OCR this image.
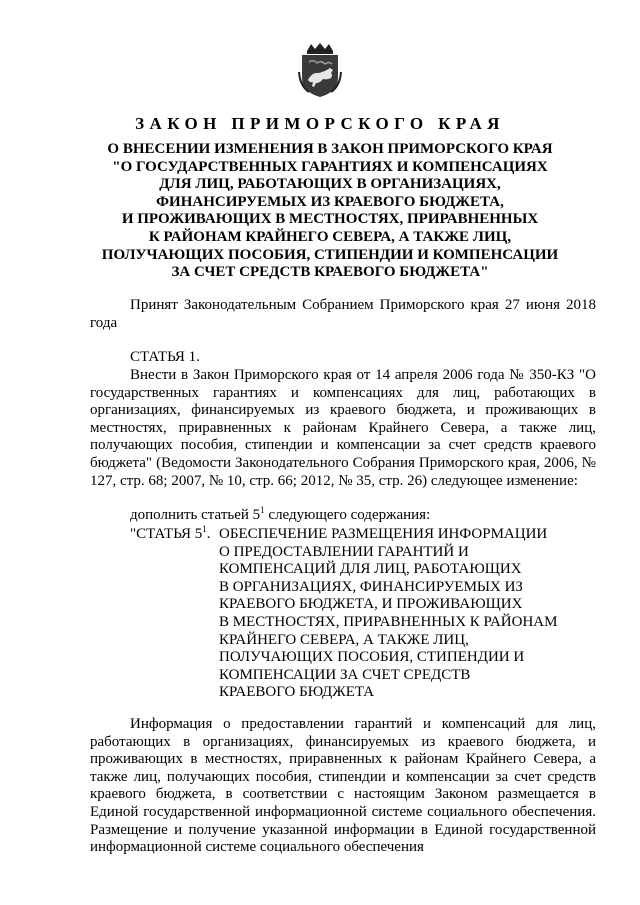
ЗАКОН ПРИМОРСКОГО КРАЯ
О ВНЕСЕНИИ ИЗМЕНЕНИЯ В ЗАКОН ПРИМОРСКОГО КРАЯ
"О ГОСУДАРСТВЕННЫХ ГАРАНТИЯХ И КОМПЕНСАЦИЯХ
ДЛЯ ЛИЦ, РАБОТАЮЩИХ В ОРГАНИЗАЦИЯХ,
ФИНАНСИРУЕМЫХ ИЗ КРАЕВОГО БЮДЖЕТА,
И ПРОЖИВАЮЩИХ В МЕСТНОСТЯХ, ПРИРАВНЕННЫХ
К РАЙОНАМ КРАЙНЕГО СЕВЕРА, А ТАКЖЕ ЛИЦ,
ПОЛУЧАЮЩИХ ПОСОБИЯ, СТИПЕНДИИ И КОМПЕНСАЦИИ
ЗА СЧЕТ СРЕДСТВ КРАЕВОГО БЮДЖЕТА"
Принят Законодательным Собранием Приморского края 27 июня 2018 года
СТАТЬЯ 1.
Внести в Закон Приморского края от 14 апреля 2006 года № 350-КЗ "О государственных гарантиях и компенсациях для лиц, работающих в организациях, финансируемых из краевого бюджета, и проживающих в местностях, приравненных к районам Крайнего Севера, а также лиц, получающих пособия, стипендии и компенсации за счет средств краевого бюджета" (Ведомости Законодательного Собрания Приморского края, 2006, № 127, стр. 68; 2007, № 10, стр. 66; 2012, № 35, стр. 26) следующее изменение:
дополнить статьей $5^1$ следующего содержания:
"СТАТЬЯ $5^1$. ОБЕСПЕЧЕНИЕ РАЗМЕЩЕНИЯ ИНФОРМАЦИИ
О ПРЕДОСТАВЛЕНИИ ГАРАНТИЙ И
КОМПЕНСАЦИЙ ДЛЯ ЛИЦ, РАБОТАЮЩИХ
В ОРГАНИЗАЦИЯХ, ФИНАНСИРУЕМЫХ ИЗ
КРАЕВОГО БЮДЖЕТА, И ПРОЖИВАЮЩИХ
В МЕСТНОСТЯХ, ПРИРАВНЕННЫХ К РАЙОНАМ
КРАЙНЕГО СЕВЕРА, А ТАКЖЕ ЛИЦ,
ПОЛУЧАЮЩИХ ПОСОБИЯ, СТИПЕНДИИ И
КОМПЕНСАЦИИ ЗА СЧЕТ СРЕДСТВ
КРАЕВОГО БЮДЖЕТА
Информация о предоставлении гарантий и компенсаций для лиц, работающих в организациях, финансируемых из краевого бюджета, и проживающих в местностях, приравненных к районам Крайнего Севера, а также лиц, получающих пособия, стипендии и компенсации за счет средств краевого бюджета, в соответствии с настоящим Законом размещается в Единой государственной информационной системе социального обеспечения. Размещение и получение указанной информации в Единой государственной информационной системе социального обеспечения
